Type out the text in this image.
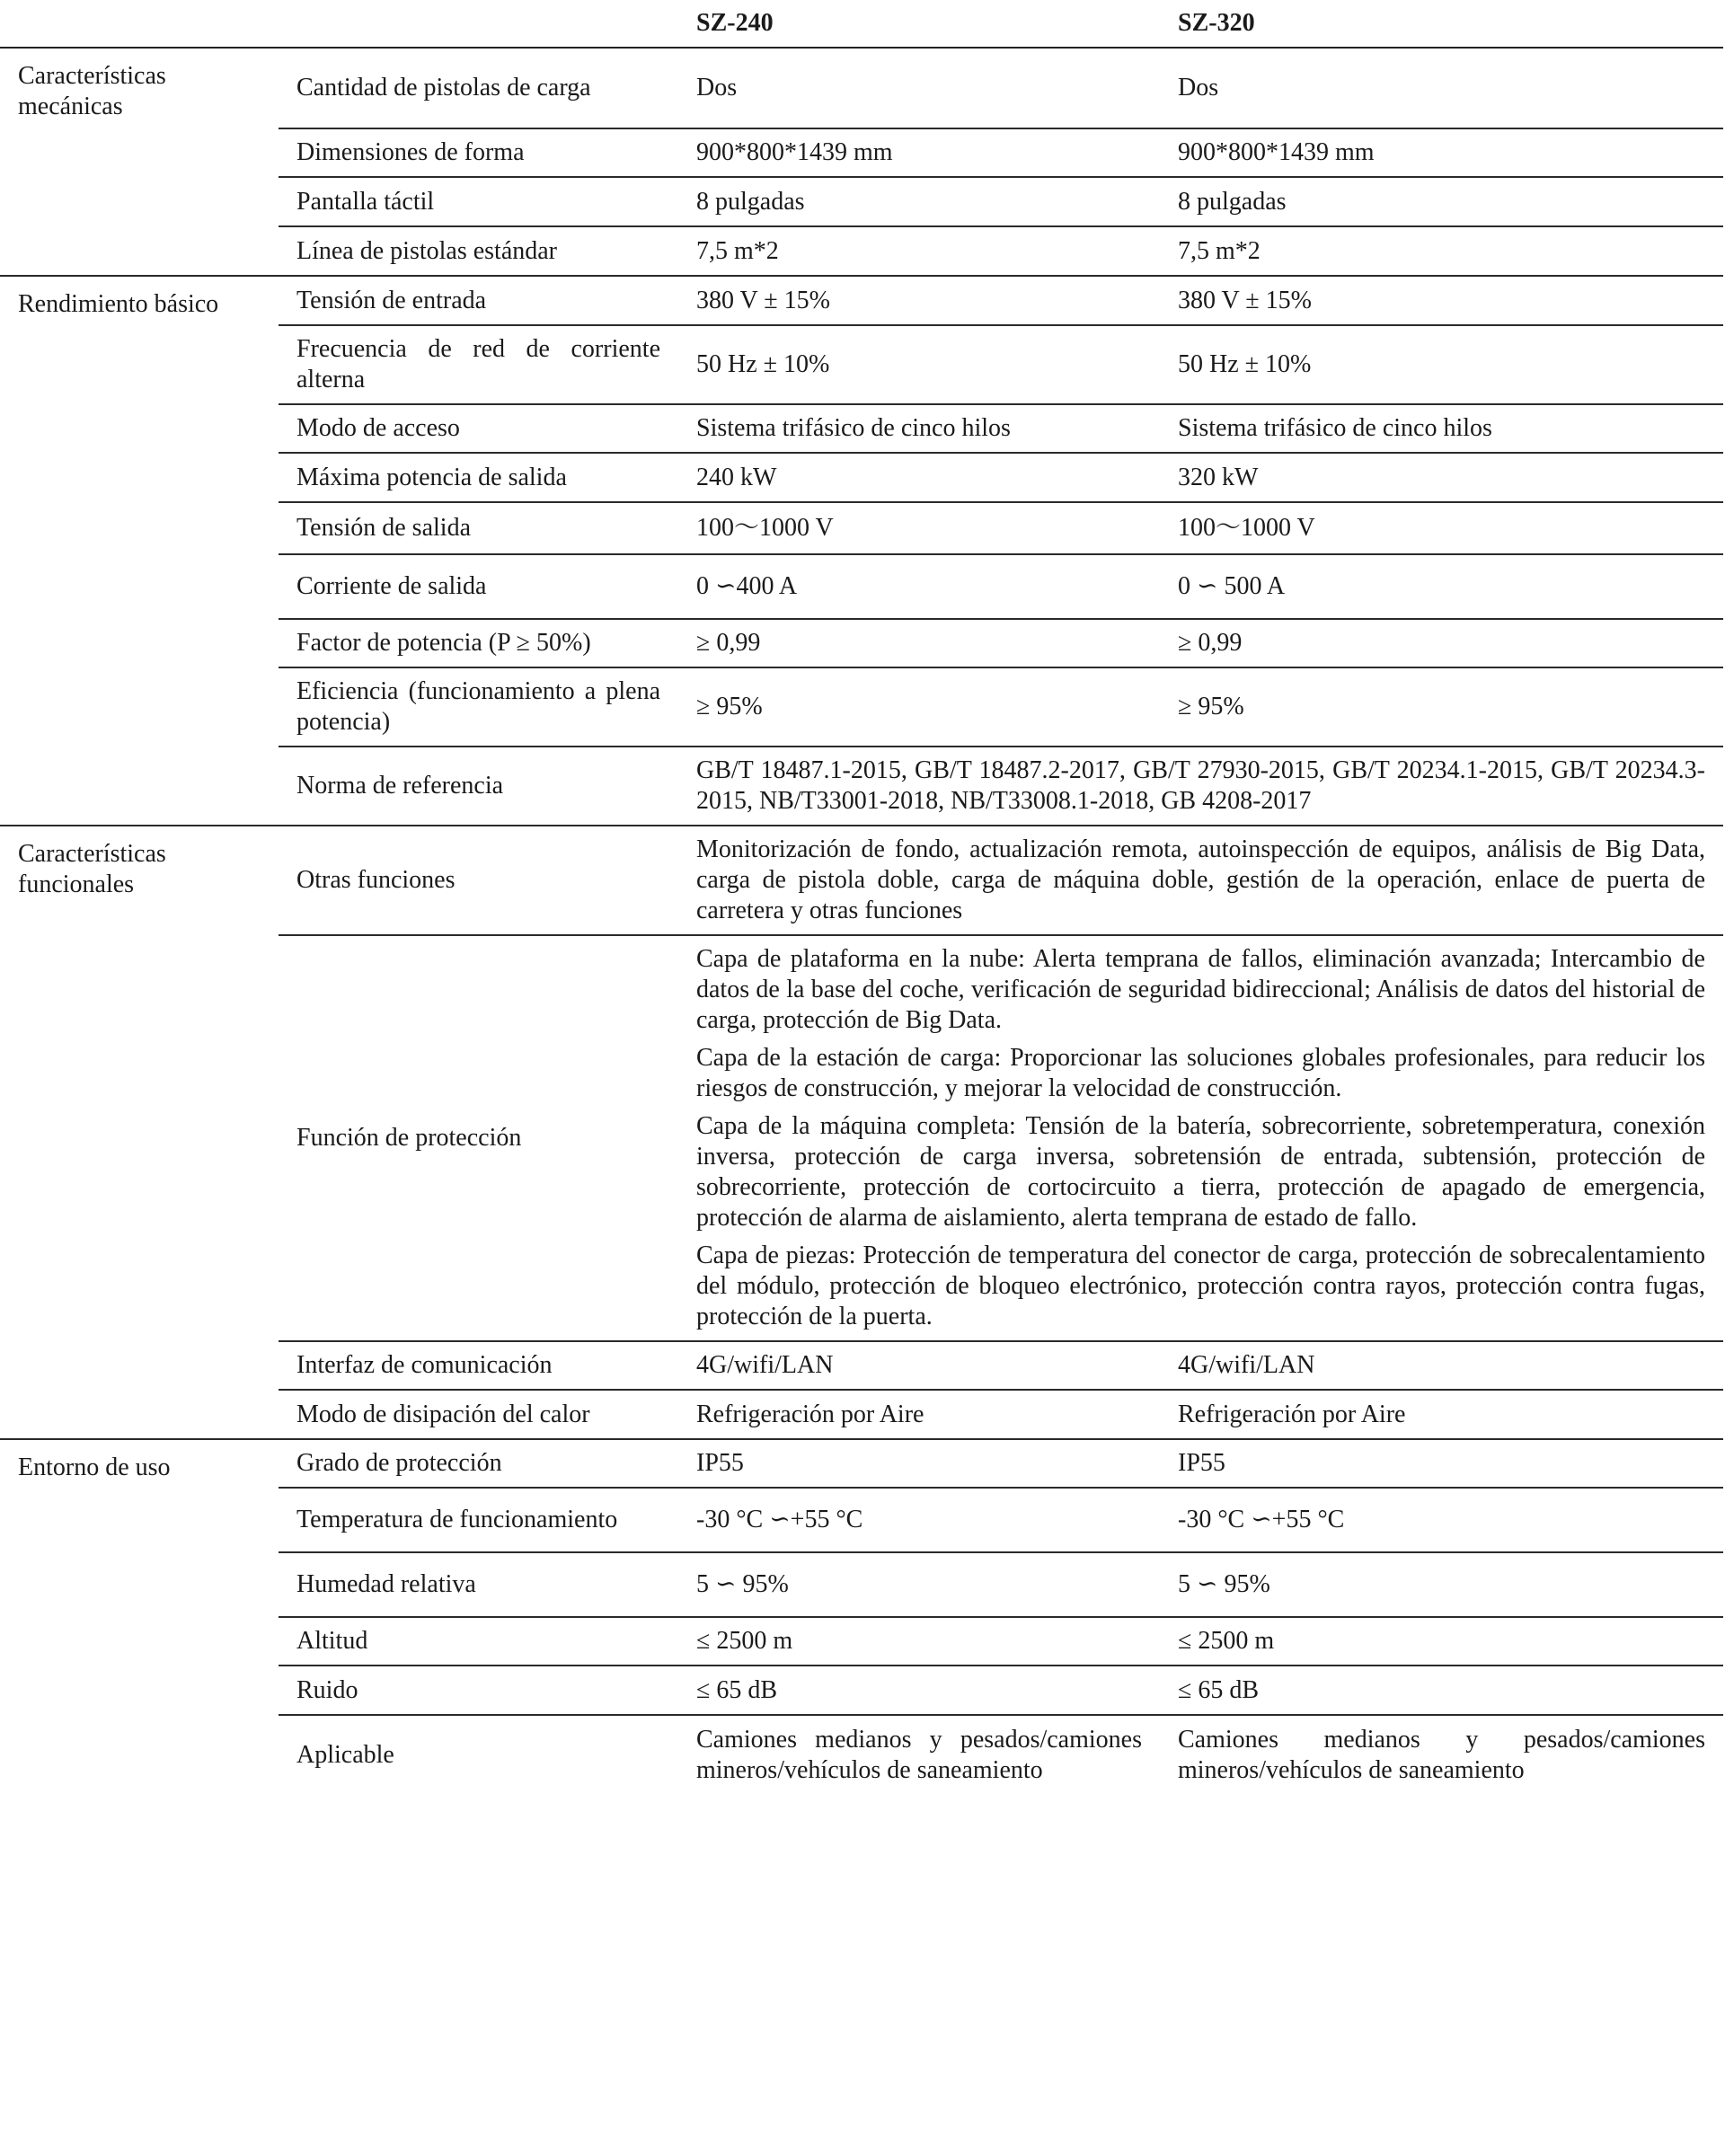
		SZ-240	SZ-320
Características mecánicas	Cantidad de pistolas de carga	Dos	Dos
	Dimensiones de forma	900*800*1439 mm	900*800*1439 mm
	Pantalla táctil	8 pulgadas	8 pulgadas
	Línea de pistolas estándar	7,5 m*2	7,5 m*2
Rendimiento básico	Tensión de entrada	380 V ± 15%	380 V ± 15%
	Frecuencia de red de corriente alterna	50 Hz ± 10%	50 Hz ± 10%
	Modo de acceso	Sistema trifásico de cinco hilos	Sistema trifásico de cinco hilos
	Máxima potencia de salida	240 kW	320 kW
	Tensión de salida	100～1000 V	100～1000 V
	Corriente de salida	0 ∽400 A	0 ∽ 500 A
	Factor de potencia (P ≥ 50%)	≥ 0,99	≥ 0,99
	Eficiencia (funcionamiento a plena potencia)	≥ 95%	≥ 95%
	Norma de referencia	GB/T 18487.1-2015, GB/T 18487.2-2017, GB/T 27930-2015, GB/T 20234.1-2015, GB/T 20234.3-2015, NB/T33001-2018, NB/T33008.1-2018, GB 4208-2017	
Características funcionales	Otras funciones	Monitorización de fondo, actualización remota, autoinspección de equipos, análisis de Big Data, carga de pistola doble, carga de máquina doble, gestión de la operación, enlace de puerta de carretera y otras funciones	
	Función de protección	Capa de plataforma en la nube: Alerta temprana de fallos, eliminación avanzada; Intercambio de datos de la base del coche, verificación de seguridad bidireccional; Análisis de datos del historial de carga, protección de Big Data.

Capa de la estación de carga: Proporcionar las soluciones globales profesionales, para reducir los riesgos de construcción, y mejorar la velocidad de construcción.

Capa de la máquina completa: Tensión de la batería, sobrecorriente, sobretemperatura, conexión inversa, protección de carga inversa, sobretensión de entrada, subtensión, protección de sobrecorriente, protección de cortocircuito a tierra, protección de apagado de emergencia, protección de alarma de aislamiento, alerta temprana de estado de fallo.

Capa de piezas: Protección de temperatura del conector de carga, protección de sobrecalentamiento del módulo, protección de bloqueo electrónico, protección contra rayos, protección contra fugas, protección de la puerta.	

	Interfaz de comunicación	4G/wifi/LAN	4G/wifi/LAN
	Modo de disipación del calor	Refrigeración por Aire	Refrigeración por Aire
Entorno de uso	Grado de protección	IP55	IP55
	Temperatura de funcionamiento	-30 °C ∽+55 °C	-30 °C ∽+55 °C
	Humedad relativa	5 ∽ 95%	5 ∽ 95%
	Altitud	≤ 2500 m	≤ 2500 m
	Ruido	≤ 65 dB	≤ 65 dB
	Aplicable	Camiones medianos y pesados/camiones mineros/vehículos de saneamiento	Camiones medianos y pesados/camiones mineros/vehículos de saneamiento
